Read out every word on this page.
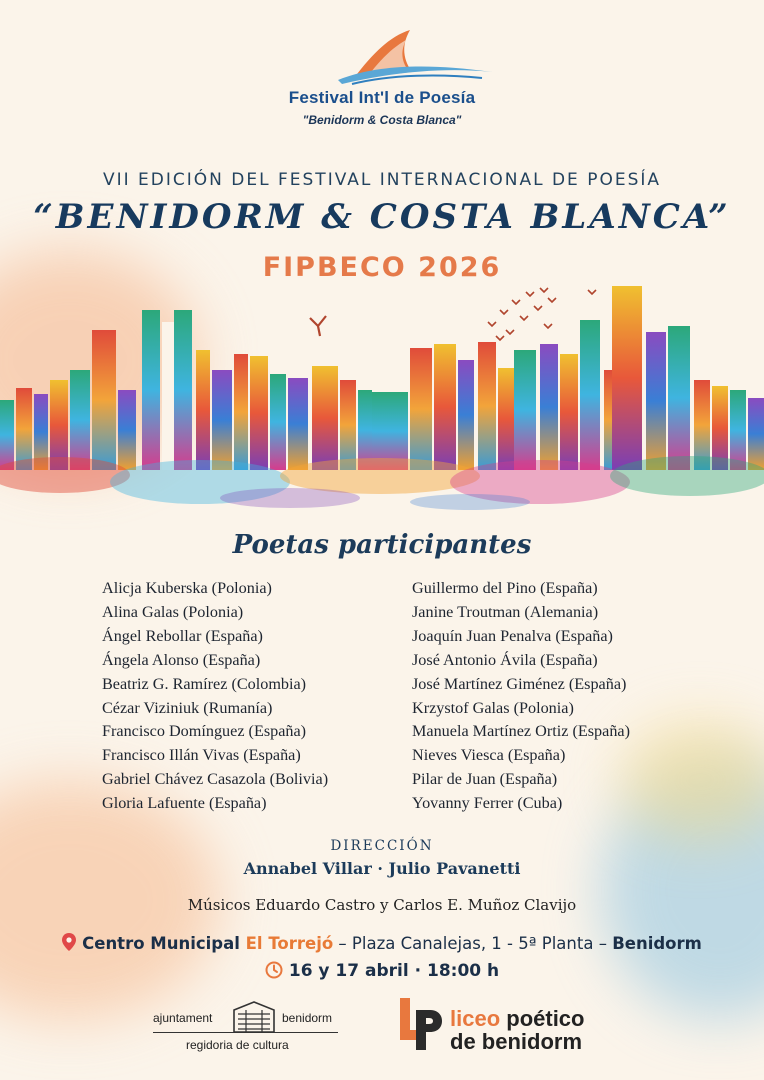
Festival Int'l de Poesía
"Benidorm & Costa Blanca"
VII EDICIÓN DEL FESTIVAL INTERNACIONAL DE POESÍA
“BENIDORM & COSTA BLANCA”
FIPBECO 2026
Poetas participantes
Alicja Kuberska (Polonia)
Alina Galas (Polonia)
Ángel Rebollar (España)
Ángela Alonso (España)
Beatriz G. Ramírez (Colombia)
Cézar Viziniuk (Rumanía)
Francisco Domínguez (España)
Francisco Illán Vivas (España)
Gabriel Chávez Casazola (Bolivia)
Gloria Lafuente (España)
Guillermo del Pino (España)
Janine Troutman (Alemania)
Joaquín Juan Penalva (España)
José Antonio Ávila (España)
José Martínez Giménez (España)
Krzystof Galas (Polonia)
Manuela Martínez Ortiz (España)
Nieves Viesca (España)
Pilar de Juan (España)
Yovanny Ferrer (Cuba)
DIRECCIÓN
Annabel Villar · Julio Pavanetti
Músicos Eduardo Castro y Carlos E. Muñoz Clavijo
Centro Municipal El Torrejó – Plaza Canalejas, 1 - 5ª Planta – Benidorm
16 y 17 abril · 18:00 h
ajuntament	benidorm
regidoria de cultura
liceo poético
de benidorm
